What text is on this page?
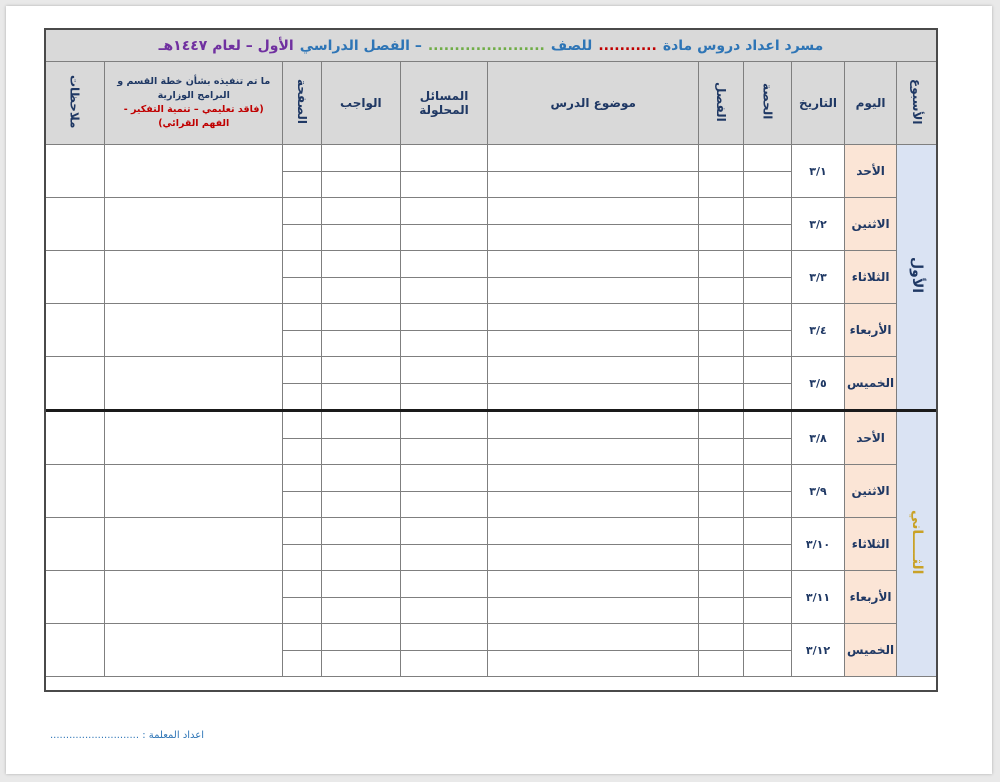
مسرد اعداد دروس مادة
...........
للصف
......................
– الفصل الدراسي
الأول – لعام ١٤٤٧هـ
الأسبوع	اليوم	التاريخ	الحصة	الفصل	موضوع الدرس	المسائل المحلولة	الواجب	الصفحة	ما تم تنفيذه بشأن خطة القسم و البرامج الوزارية
(فاقد تعليمي – تنمية التفكير - الفهم القرائي)	ملاحظات
الأول	الأحد	٣/١								

	الاثنين	٣/٢								

	الثلاثاء	٣/٣								

	الأربعاء	٣/٤								

	الخميس	٣/٥								

الثـــــاني	الأحد	٣/٨								

	الاثنين	٣/٩								

	الثلاثاء	٣/١٠								

	الأربعاء	٣/١١								

	الخميس	٣/١٢								

اعداد المعلمة : ............................
